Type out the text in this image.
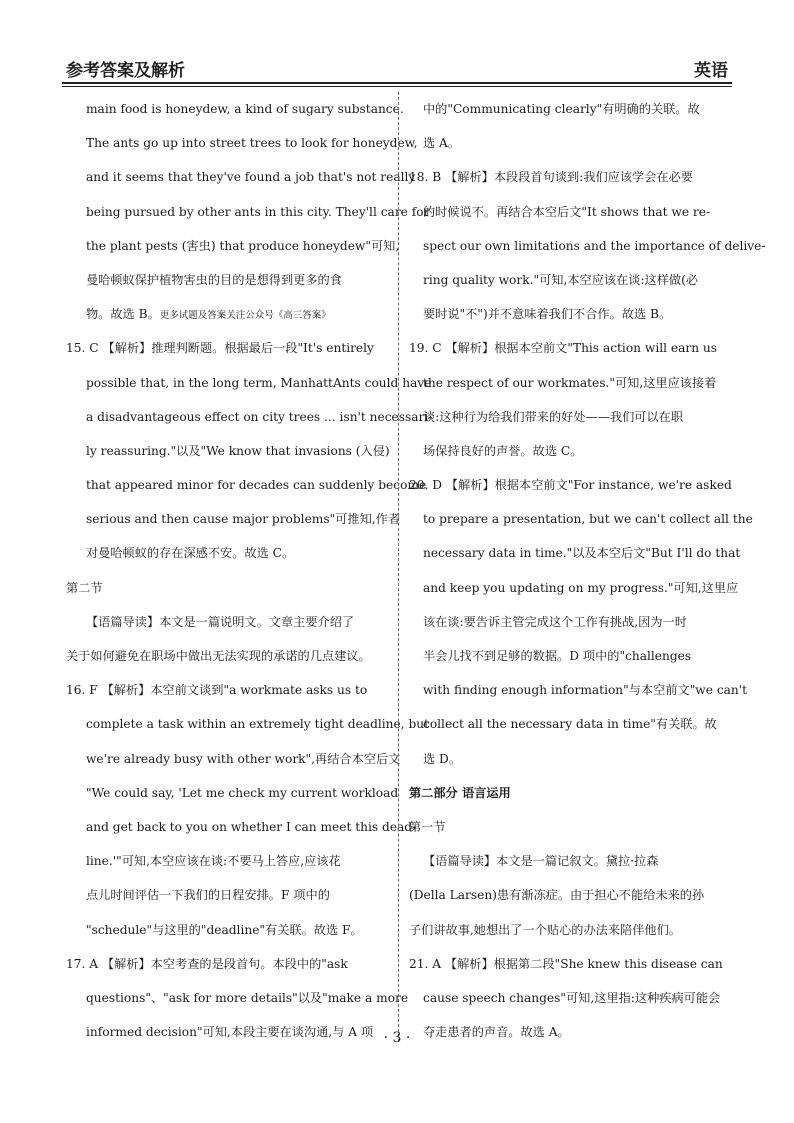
参考答案及解析	英语
main food is honeydew, a kind of sugary substance.
The ants go up into street trees to look for honeydew,
and it seems that they've found a job that's not really
being pursued by other ants in this city. They'll care for
the plant pests (害虫) that produce honeydew"可知,
曼哈顿蚁保护植物害虫的目的是想得到更多的食
物。故选 B。更多试题及答案关注公众号《高三答案》
15. C 【解析】推理判断题。根据最后一段"It's entirely
possible that, in the long term, ManhattAnts could have
a disadvantageous effect on city trees ... isn't necessari-
ly reassuring."以及"We know that invasions (入侵)
that appeared minor for decades can suddenly become
serious and then cause major problems"可推知,作者
对曼哈顿蚁的存在深感不安。故选 C。
第二节
【语篇导读】本文是一篇说明文。文章主要介绍了
关于如何避免在职场中做出无法实现的承诺的几点建议。
16. F 【解析】本空前文谈到"a workmate asks us to
complete a task within an extremely tight deadline, but
we're already busy with other work",再结合本空后文
"We could say, 'Let me check my current workload
and get back to you on whether I can meet this dead-
line.'"可知,本空应该在谈:不要马上答应,应该花
点儿时间评估一下我们的日程安排。F 项中的
"schedule"与这里的"deadline"有关联。故选 F。
17. A 【解析】本空考查的是段首句。本段中的"ask
questions"、"ask for more details"以及"make a more
informed decision"可知,本段主要在谈沟通,与 A 项
中的"Communicating clearly"有明确的关联。故
选 A。
18. B 【解析】本段段首句谈到:我们应该学会在必要
的时候说不。再结合本空后文"It shows that we re-
spect our own limitations and the importance of delive-
ring quality work."可知,本空应该在谈:这样做(必
要时说"不")并不意味着我们不合作。故选 B。
19. C 【解析】根据本空前文"This action will earn us
the respect of our workmates."可知,这里应该接着
谈:这种行为给我们带来的好处——我们可以在职
场保持良好的声誉。故选 C。
20. D 【解析】根据本空前文"For instance, we're asked
to prepare a presentation, but we can't collect all the
necessary data in time."以及本空后文"But I'll do that
and keep you updating on my progress."可知,这里应
该在谈:要告诉主管完成这个工作有挑战,因为一时
半会儿找不到足够的数据。D 项中的"challenges
with finding enough information"与本空前文"we can't
collect all the necessary data in time"有关联。故
选 D。
第二部分 语言运用
第一节
【语篇导读】本文是一篇记叙文。黛拉·拉森
(Della Larsen)患有渐冻症。由于担心不能给未来的孙
子们讲故事,她想出了一个贴心的办法来陪伴他们。
21. A 【解析】根据第二段"She knew this disease can
cause speech changes"可知,这里指:这种疾病可能会
夺走患者的声音。故选 A。
· 3 ·
